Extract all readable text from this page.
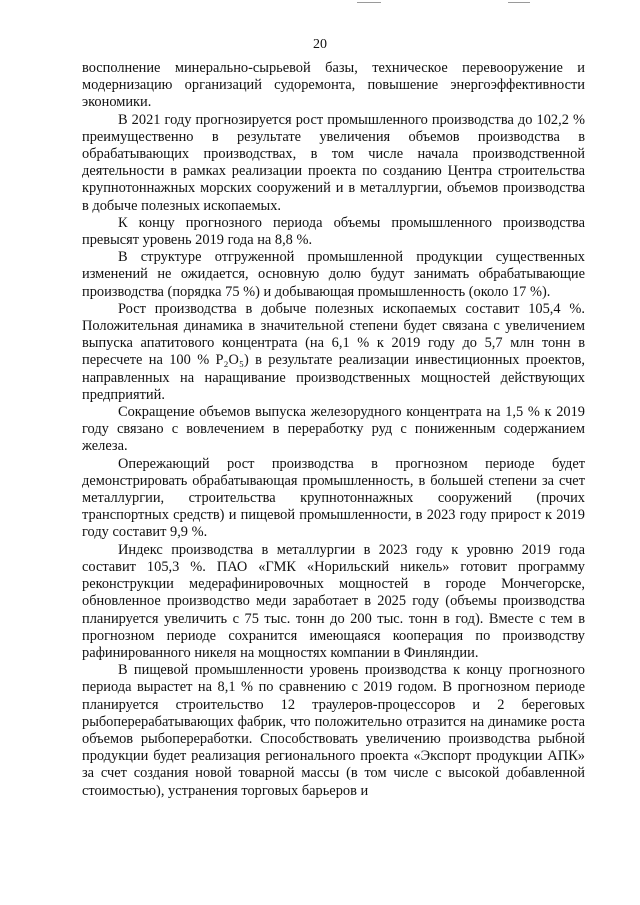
20

восполнение минерально-сырьевой базы, техническое перевооружение и модернизацию организаций судоремонта, повышение энергоэффективности экономики.

В 2021 году прогнозируется рост промышленного производства до 102,2 % преимущественно в результате увеличения объемов производства в обрабатывающих производствах, в том числе начала производственной деятельности в рамках реализации проекта по созданию Центра строительства крупнотоннажных морских сооружений и в металлургии, объемов производства в добыче полезных ископаемых.

К концу прогнозного периода объемы промышленного производства превысят уровень 2019 года на 8,8 %.

В структуре отгруженной промышленной продукции существенных изменений не ожидается, основную долю будут занимать обрабатывающие производства (порядка 75 %) и добывающая промышленность (около 17 %).

Рост производства в добыче полезных ископаемых составит 105,4 %. Положительная динамика в значительной степени будет связана с увеличением выпуска апатитового концентрата (на 6,1 % к 2019 году до 5,7 млн тонн в пересчете на 100 % P₂O₅) в результате реализации инвестиционных проектов, направленных на наращивание производственных мощностей действующих предприятий.

Сокращение объемов выпуска железорудного концентрата на 1,5 % к 2019 году связано с вовлечением в переработку руд с пониженным содержанием железа.

Опережающий рост производства в прогнозном периоде будет демонстрировать обрабатывающая промышленность, в большей степени за счет металлургии, строительства крупнотоннажных сооружений (прочих транспортных средств) и пищевой промышленности, в 2023 году прирост к 2019 году составит 9,9 %.

Индекс производства в металлургии в 2023 году к уровню 2019 года составит 105,3 %. ПАО «ГМК «Норильский никель» готовит программу реконструкции медерафинировочных мощностей в городе Мончегорске, обновленное производство меди заработает в 2025 году (объемы производства планируется увеличить с 75 тыс. тонн до 200 тыс. тонн в год). Вместе с тем в прогнозном периоде сохранится имеющаяся кооперация по производству рафинированного никеля на мощностях компании в Финляндии.

В пищевой промышленности уровень производства к концу прогнозного периода вырастет на 8,1 % по сравнению с 2019 годом. В прогнозном периоде планируется строительство 12 траулеров-процессоров и 2 береговых рыбоперерабатывающих фабрик, что положительно отразится на динамике роста объемов рыбопереработки. Способствовать увеличению производства рыбной продукции будет реализация регионального проекта «Экспорт продукции АПК» за счет создания новой товарной массы (в том числе с высокой добавленной стоимостью), устранения торговых барьеров и
